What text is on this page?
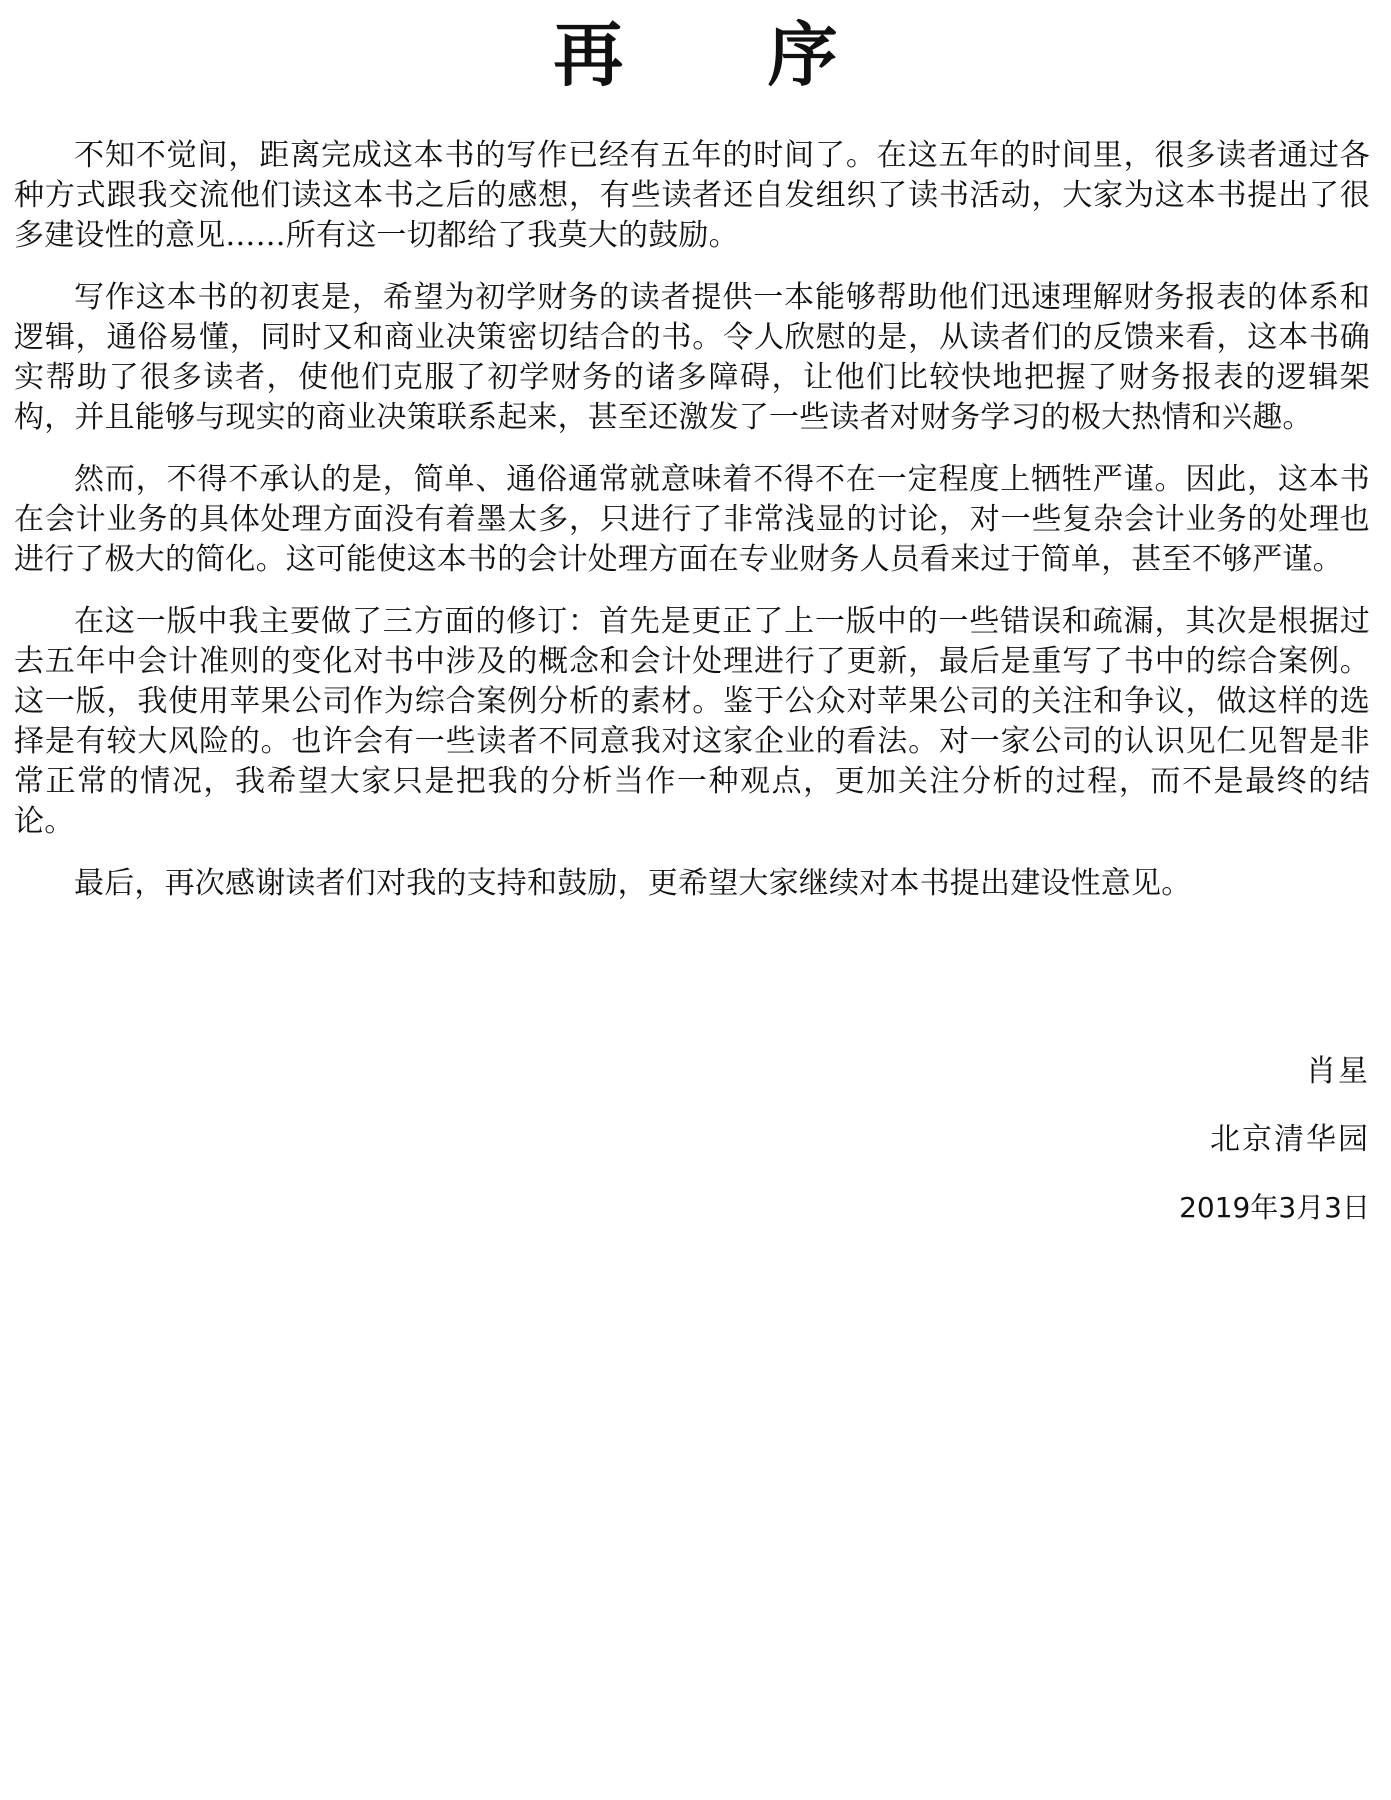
再 序

不知不觉间，距离完成这本书的写作已经有五年的时间了。在这五年的时间里，很多读者通过各种方式跟我交流他们读这本书之后的感想，有些读者还自发组织了读书活动，大家为这本书提出了很多建设性的意见……所有这一切都给了我莫大的鼓励。

写作这本书的初衷是，希望为初学财务的读者提供一本能够帮助他们迅速理解财务报表的体系和逻辑，通俗易懂，同时又和商业决策密切结合的书。令人欣慰的是，从读者们的反馈来看，这本书确实帮助了很多读者，使他们克服了初学财务的诸多障碍，让他们比较快地把握了财务报表的逻辑架构，并且能够与现实的商业决策联系起来，甚至还激发了一些读者对财务学习的极大热情和兴趣。

然而，不得不承认的是，简单、通俗通常就意味着不得不在一定程度上牺牲严谨。因此，这本书在会计业务的具体处理方面没有着墨太多，只进行了非常浅显的讨论，对一些复杂会计业务的处理也进行了极大的简化。这可能使这本书的会计处理方面在专业财务人员看来过于简单，甚至不够严谨。

在这一版中我主要做了三方面的修订：首先是更正了上一版中的一些错误和疏漏，其次是根据过去五年中会计准则的变化对书中涉及的概念和会计处理进行了更新，最后是重写了书中的综合案例。这一版，我使用苹果公司作为综合案例分析的素材。鉴于公众对苹果公司的关注和争议，做这样的选择是有较大风险的。也许会有一些读者不同意我对这家企业的看法。对一家公司的认识见仁见智是非常正常的情况，我希望大家只是把我的分析当作一种观点，更加关注分析的过程，而不是最终的结论。

最后，再次感谢读者们对我的支持和鼓励，更希望大家继续对本书提出建设性意见。

肖星

北京清华园

2019年3月3日
